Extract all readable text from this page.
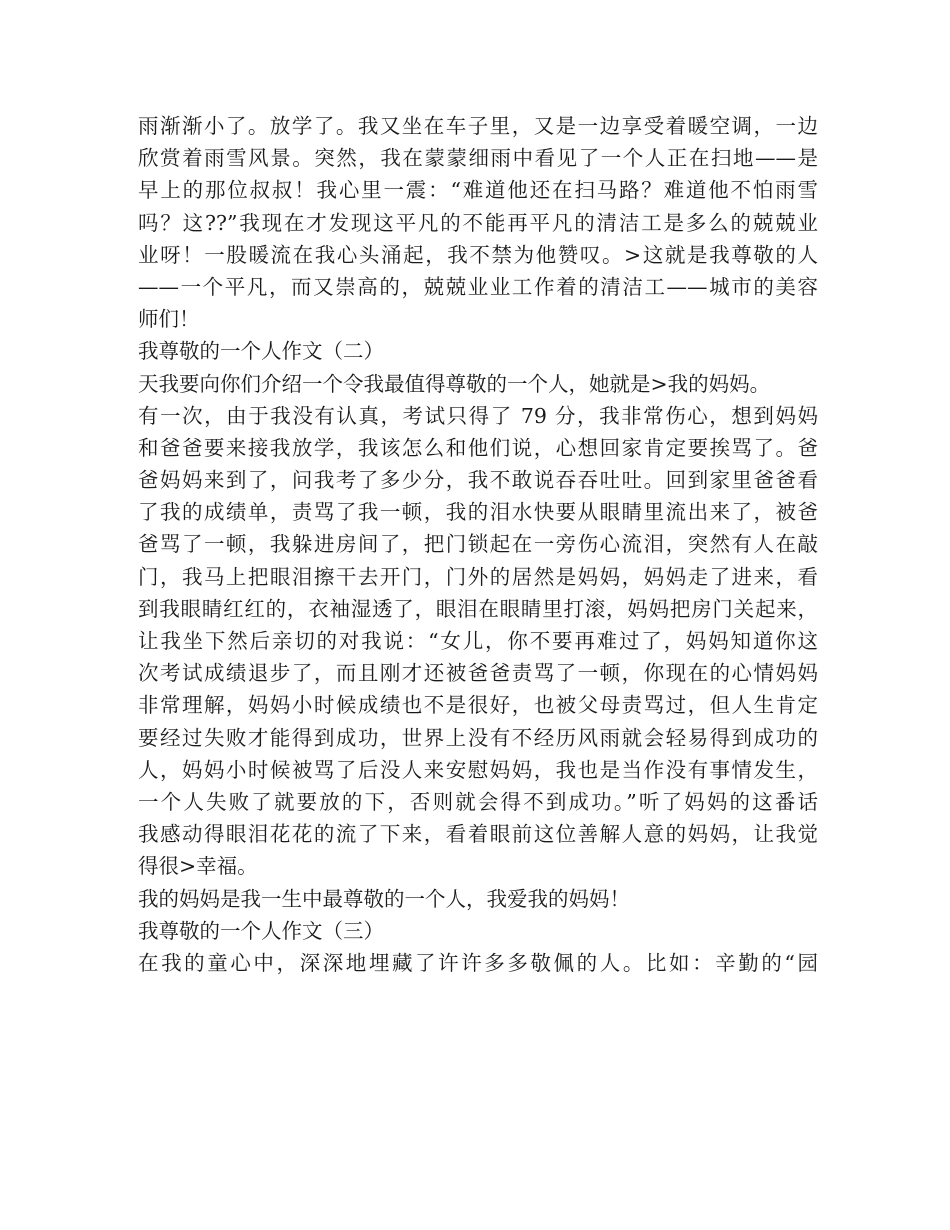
雨渐渐小了。放学了。我又坐在车子里，又是一边享受着暖空调，一边
欣赏着雨雪风景。突然，我在蒙蒙细雨中看见了一个人正在扫地——是
早上的那位叔叔！我心里一震：“难道他还在扫马路？难道他不怕雨雪
吗？这??”我现在才发现这平凡的不能再平凡的清洁工是多么的兢兢业
业呀！一股暖流在我心头涌起，我不禁为他赞叹。>这就是我尊敬的人
——一个平凡，而又崇高的，兢兢业业工作着的清洁工——城市的美容
师们！
我尊敬的一个人作文（二）
天我要向你们介绍一个令我最值得尊敬的一个人，她就是>我的妈妈。
有一次，由于我没有认真，考试只得了 79 分，我非常伤心，想到妈妈
和爸爸要来接我放学，我该怎么和他们说，心想回家肯定要挨骂了。爸
爸妈妈来到了，问我考了多少分，我不敢说吞吞吐吐。回到家里爸爸看
了我的成绩单，责骂了我一顿，我的泪水快要从眼睛里流出来了，被爸
爸骂了一顿，我躲进房间了，把门锁起在一旁伤心流泪，突然有人在敲
门，我马上把眼泪擦干去开门，门外的居然是妈妈，妈妈走了进来，看
到我眼睛红红的，衣袖湿透了，眼泪在眼睛里打滚，妈妈把房门关起来，
让我坐下然后亲切的对我说：“女儿，你不要再难过了，妈妈知道你这
次考试成绩退步了，而且刚才还被爸爸责骂了一顿，你现在的心情妈妈
非常理解，妈妈小时候成绩也不是很好，也被父母责骂过，但人生肯定
要经过失败才能得到成功，世界上没有不经历风雨就会轻易得到成功的
人，妈妈小时候被骂了后没人来安慰妈妈，我也是当作没有事情发生，
一个人失败了就要放的下，否则就会得不到成功。”听了妈妈的这番话
我感动得眼泪花花的流了下来，看着眼前这位善解人意的妈妈，让我觉
得很>幸福。
我的妈妈是我一生中最尊敬的一个人，我爱我的妈妈！
我尊敬的一个人作文（三）
在我的童心中，深深地埋藏了许许多多敬佩的人。比如：辛勤的“园
